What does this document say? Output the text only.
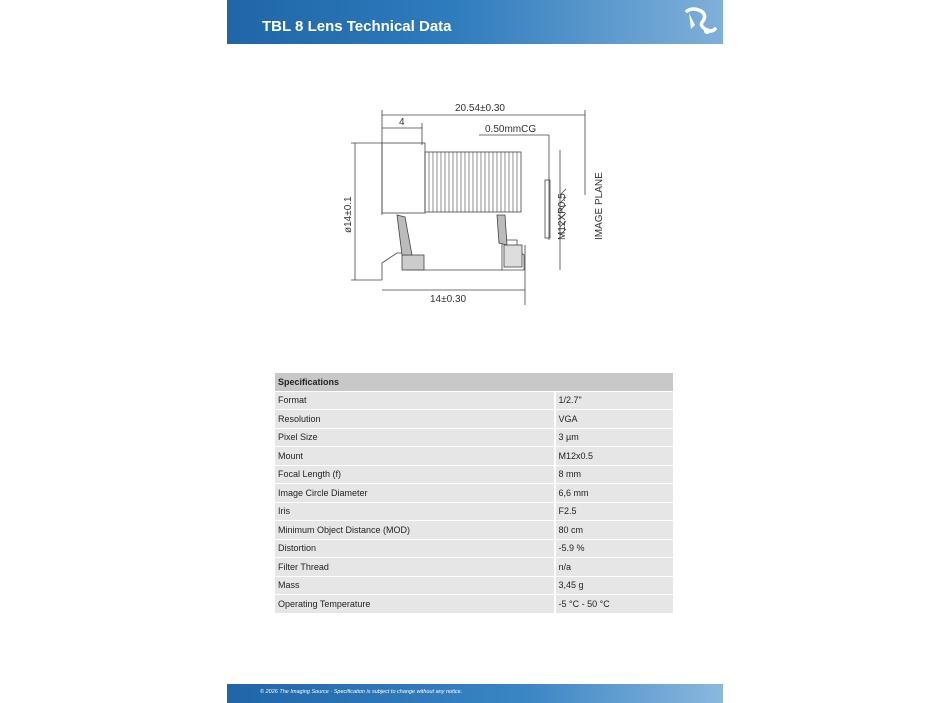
TBL 8 Lens Technical Data
20.54±0.30
4
0.50mmCG
ø14±0.1	M12XP0.5	IMAGE PLANE
14±0.30
Specifications	
Format	1/2.7"
Resolution	VGA
Pixel Size	3 µm
Mount	M12x0.5
Focal Length (f)	8 mm
Image Circle Diameter	6,6 mm
Iris	F2.5
Minimum Object Distance (MOD)	80 cm
Distortion	-5.9 %
Filter Thread	n/a
Mass	3,45 g
Operating Temperature	-5 °C - 50 °C
© 2026 The Imaging Source · Specification is subject to change without any notice.
